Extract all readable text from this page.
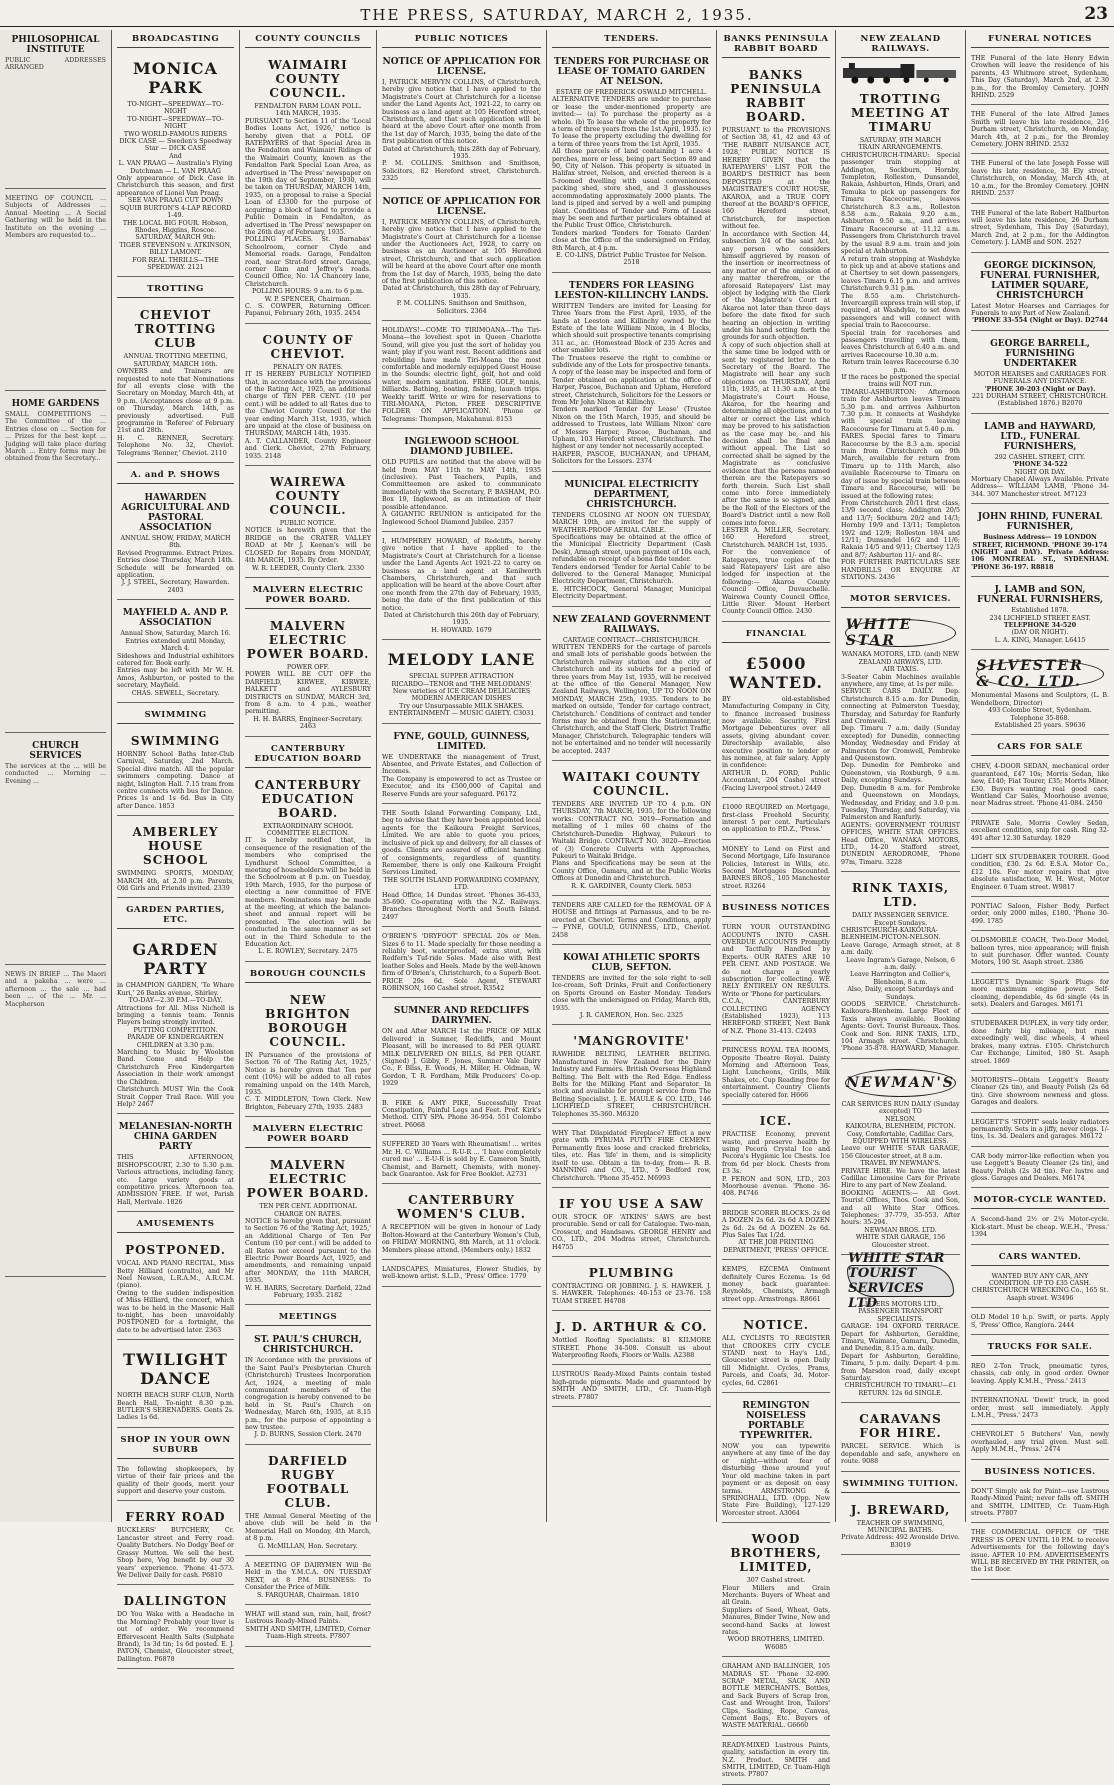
THE PRESS, SATURDAY, MARCH 2, 1935.	23
PHILOSOPHICAL INSTITUTE

PUBLIC ADDRESSES ARRANGED

MEETING OF COUNCIL ... Subjects of Addresses ... Annual Meeting ... A Social Gathering will be held in the Institute on the evening ... Members are requested to...

HOME GARDENS

SMALL COMPETITIONS ... The Committee of the ... Entries close on ... Section for ... Prizes for the best kept ... Judging will take place during March ... Entry forms may be obtained from the Secretary...

CHURCH SERVICES

The services at the ... will be conducted ... Morning ... Evening ...

NEWS IN BRIEF ... The Maori and a pakeha ... were ... afternoon ... the sale ... had been ... of the ... Mr. ... Macpherson

BROADCASTING
MONICA PARK

TO-NIGHT—SPEEDWAY—TO-NIGHT

TO-NIGHT—SPEEDWAY—TO-NIGHT

TWO WORLD-FAMOUS RIDERS

DICK CASE — Sweden's Speedway Star — DICK CASE

And

L. VAN PRAAG — Australia's Flying Dutchman — L. VAN PRAAG

Only appearance of Dick Case in Christchurch this season, and first appearance of Lionel Van Praag.

SEE VAN PRAAG CUT DOWN SQUIB BURTON'S 4-LAP RECORD 1-49.

THE LOCAL BIG FOUR. Hobson, Rhodes, Higgins, Roscoe.

SATURDAY, MARCH 9th:

TIGER STEVENSON v. ATKINSON, BILLY LAMONT.

FOR REAL THRILLS—THE SPEEDWAY. 2121

TROTTING
CHEVIOT TROTTING CLUB

ANNUAL TROTTING MEETING, SATURDAY, MARCH 16th.

OWNERS and Trainers are requested to note that Nominations for all events close with the Secretary on Monday, March 4th, at 9 p.m. (Acceptances close at 9 p.m. on Thursday, March 14th, as previously advertised. Full programme in 'Referee' of February 21st and 28th.

H. C. RENNER, Secretary. Telephone No. 32, Cheviot. Telegrams 'Renner,' Cheviot. 2110

A. and P. SHOWS
HAWARDEN AGRICULTURAL AND PASTORAL ASSOCIATION

ANNUAL SHOW, FRIDAY, MARCH 8th.

Revised Programme. Extract Prizes. Entries close Thursday, March 14th. Schedule will be forwarded on application.

J. J. STEEL, Secretary, Hawarden. 2403

MAYFIELD A. AND P. ASSOCIATION

Annual Show, Saturday, March 16.

Entries extended until Monday, March 4.

Sideshows and Industrial exhibitors catered for. Book early.

Entries may be left with Mr W. H. Amos, Ashburton, or posted to the secretary, Mayfield.

CHAS. SEWELL, Secretary.

SWIMMING
SWIMMING

HORNBY School Baths Inter-Club Carnival, Saturday, 2nd March. Special dive match. All the popular swimmers competing. Dance at night, Islington Hall. 7.15 tram from centre connects with bus for Dance. Prices 1s and 1s 6d. Bus in City after Dance. 1853

AMBERLEY HOUSE SCHOOL

SWIMMING SPORTS, MONDAY, MARCH 4th, at 2.30 p.m. Parents, Old Girls and Friends invited. 2339

GARDEN PARTIES, ETC.
GARDEN PARTY

in CHAMPION GARDEN, 'Te Whare Kuri,' 26 Banks avenue, Shirley.

TO-DAY—2.30 P.M.—TO-DAY.

Attractions for All. Miss Nicholl is bringing a tennis team. Tennis Players being strongly invited.

PUTTING COMPETITION.

PARADE OF KINDERGARTEN CHILDREN at 3.30 p.m.

Marching to Music by Woolston Band. Come and Help the Christchurch Free Kindergarten Association in their work amongst the Children.

Christchurch MUST Win the Cook Strait Copper Trail Race. Will you Help? 2467

MELANESIAN-NORTH CHINA GARDEN PARTY

THIS AFTERNOON, BISHOPSCOURT, 2.30 to 5.30 p.m. Various attractions, including fancy, etc. Large variety goods at competitive prices. Afternoon tea. ADMISSION FREE. If wet, Parish Hall, Merivale. 1826

AMUSEMENTS
POSTPONED.

VOCAL AND PIANO RECITAL, Miss Betty Hilliard (contralto), and Mr Noel Newson, L.R.A.M., A.R.C.M. (piano).

Owing to the sudden indisposition of Miss Hilliard, the concert, which was to be held in the Masonic Hall to-night, has been unavoidably POSTPONED for a fortnight, the date to be advertised later. 2363

TWILIGHT DANCE

NORTH BEACH SURF CLUB, North Beach Hall, To-night 8.30 p.m. BUTLER'S SERENADERS. Gents 2s. Ladies 1s 6d.

SHOP IN YOUR OWN SUBURB

The following shopkeepers, by virtue of their fair prices and the quality of their goods, merit your support and deserve your custom.

FERRY ROAD

BUCKLERS' BUTCHERY, Cr. Lancaster street and Ferry road. Quality Butchers. No Dodgy Beef or Grassy Mutton. We sell the best. Shop here, Vog benefit by our 30 years' experience. 'Phone 41-573. We Deliver Daily for cash. P6810

DALLINGTON

DO You Wake with a Headache in the Morning? Probably your liver is out of order. We recommend Effervescent Health Salts (Sulphate Brand), 1s 3d tin; 1s 6d posted. E. J. PATON, Chemist, Gloucester street, Dallington. P6878

COUNTY COUNCILS
WAIMAIRI COUNTY COUNCIL.

FENDALTON FARM LOAN POLL.

14th MARCH, 1935.

PURSUANT to Section 11 of the 'Local Bodies Loans Act, 1926,' notice is hereby given that a POLL OF RATEPAYERS of that Special Area in the Fendalton and Waimairi Ridings of the Waimairi County, known as the Fendalton Park Special Loan Area, as advertised in 'The Press' newspaper on the 19th day of September, 1930, will be taken on THURSDAY, MARCH 14th, 1935, on a proposal to raise a Special Loan of £3300 for the purpose of acquiring a block of land to provide a Public Domain in Fendalton, as advertised in 'The Press' newspaper on the 26th day of February, 1935.

POLLING PLACES. St. Barnabas' Schoolroom, corner Clyde and Memorial roads. Garage, Fendalton road, near Strat-ford street. Garage, corner Ilam and Jeffrey's roads. Council Office, No. 1A Chancery lane, Christchurch.

POLLING HOURS: 9 a.m. to 6 p.m.

W. P. SPENCER, Chairman.

C. S. COWPER, Returning Officer. Papanui, February 26th, 1935. 2454

COUNTY OF CHEVIOT.

PENALTY ON RATES.

IT IS HEREBY PUBLICLY NOTIFIED that, in accordance with the provisions of the Rating Act, 1925, an additional charge of TEN PER CENT. (10 per cent.) will be added to all Rates due to the Cheviot County Council for the year ending March 31st, 1935, which are unpaid at the close of business on THURSDAY, MARCH 14th, 1935.

A. T. CALLANDER, County Engineer and Clerk. Cheviot, 27th February, 1935. 2148

WAIREWA COUNTY COUNCIL.

PUBLIC NOTICE.

NOTICE is herewith given that the BRIDGE on the CRATER VALLEY ROAD at Mr J. Keenan's will be CLOSED for Repairs from MONDAY, 4th MARCH, 1935. By Order.

W. R. LEEDER, County Clerk. 2330

MALVERN ELECTRIC POWER BOARD.
MALVERN ELECTRIC POWER BOARD.

POWER OFF.

POWER WILL BE CUT OFF the DARFIELD, KIRWEE, KIRWEE, HALKETT and AYLESBURY DISTRICTS on SUNDAY, MARCH 3rd, from 8 a.m. to 4 p.m., weather permitting.

H. H. BARRS, Engineer-Secretary. 2463

CANTERBURY EDUCATION BOARD
CANTERBURY EDUCATION BOARD.

EXTRAORDINARY SCHOOL COMMITTEE ELECTION.

IT is hereby notified that, in consequence of the resignation of the members who comprised the Lyndhurst School Committee, a meeting of householders will be held in the Schoolroom at 8 p.m. on Tuesday, 19th March, 1935, for the purpose of electing a new committee of FIVE members. Nominations may be made at the meeting, at which the balance-sheet and annual report will be presented. The election will be conducted in the same manner as set out in the Third Schedule to the Education Act.

L. E. ROWLEY, Secretary. 2475

BOROUGH COUNCILS
NEW BRIGHTON BOROUGH COUNCIL.

IN Pursuance of the provisions of Section 76 of 'The Rating Act, 1925,' Notice is hereby given that Ten per cent (10%) will be added to all rates remaining unpaid on the 14th March, 1935.

C. T. MIDDLETON, Town Clerk. New Brighton, February 27th, 1935. 2483

MALVERN ELECTRIC POWER BOARD
MALVERN ELECTRIC POWER BOARD.

TEN PER CENT. ADDITIONAL CHARGE ON RATES.

NOTICE is hereby given that, pursuant to Section 76 of the 'Rating Act, 1925,' an Additional Charge of Ten Per Centum (10 per cent.) will be added to all Rates not exceed pursuant to the Electric Power Boards Act, 1925, and amendments, and remaining unpaid after MONDAY, the 11th MARCH, 1935.

W. H. BARRS, Secretary. Darfield, 22nd February, 1935. 2182

MEETINGS
ST. PAUL'S CHURCH, CHRISTCHURCH.

IN Accordance with the provisions of the Saint Paul's Presbyterian Church (Christchurch) Trustees Incorporation Act, 1924, a meeting of male communicant members of the congregation is hereby convened to be held in St. Paul's Church on Wednesday, March 6th, 1935, at 8.15 p.m., for the purpose of appointing a new trustee.

J. D. BURNS, Session Clerk. 2470

DARFIELD RUGBY FOOTBALL CLUB.

THE Annual General Meeting of the above club will be held in the Memorial Hall on Monday, 4th March, at 8 p.m.

G. McMILLAN, Hon. Secretary.

A MEETING OF DAIRYMEN Will Be Held in the Y.M.C.A. ON TUESDAY NEXT, at 8 P.M. BUSINESS: To Consider the Price of Milk.

S. FARQUHAR, Chairman. 1810

WHAT will stand sun, rain, hail, frost? Lustrous Ready-Mixed Paints.

SMITH AND SMITH, LIMITED, Corner Tuam-High streets. P7807

PUBLIC NOTICES
NOTICE OF APPLICATION FOR LICENSE.

I, PATRICK MERVYN COLLINS, of Christchurch, hereby give notice that I have applied to the Magistrate's Court at Christchurch for a license under the Land Agents Act, 1921-22, to carry on business as a land agent at 105 Hereford street, Christchurch, and that such application will be heard at the above Court after one month from the 1st day of March, 1935, being the date of the first publication of this notice.

Dated at Christchurch, this 28th day of February, 1935.

P. M. COLLINS. Smithson and Smithson, Solicitors, 82 Hereford street, Christchurch. 2325

NOTICE OF APPLICATION FOR LICENSE.

I, PATRICK MERVYN COLLINS, of Christchurch, hereby give notice that I have applied to the Magistrate's Court at Christchurch for a license under the Auctioneers Act, 1928, to carry on business as an Auctioneer at 105 Hereford street, Christchurch, and that such application will be heard at the above Court after one month from the 1st day of March, 1935, being the date of the first publication of this notice.

Dated at Christchurch, this 28th day of February, 1935.

P. M. COLLINS. Smithson and Smithson, Solicitors. 2364

HOLIDAYS!—COME TO TIRIMOANA—The Tiri-Moana—the loveliest spot in Queen Charlotte Sound, will give you just the sort of holiday you want; play if you want rest. Recent additions and rebuilding have made Tiri-Moana the most comfortable and modernly equipped Guest House in the Sounds: electric light, golf, hot and cold water, modern sanitation. FREE GOLF, tennis, billiards. Bathing, boating, fishing, launch trips. Weekly tariff. Write or wire for reservations to TIRI-MOANA, Picton. FREE DESCRIPTIVE FOLDER ON APPLICATION. 'Phone or Telegrams: Thompson, Makahanui. 8153

INGLEWOOD SCHOOL DIAMOND JUBILEE.

OLD PUPILS are notified that the above will be held from MAY 11th to MAY 14th, 1935 (inclusive). Past Teachers, Pupils, and Committeemen are asked to communicate immediately with the Secretary, P. BASHAM, P.O. Box 19, Inglewood, as an intimation of their possible attendance.

A GIGANTIC REUNION is anticipated for the Inglewood School Diamond Jubilee. 2357

I, HUMPHREY HOWARD, of Redcliffs, hereby give notice that I have applied to the Magistrate's Court at Christchurch for a license under the Land Agents Act 1921-22 to carry on business as a land agent at Kenilworth Chambers, Christchurch, and that such application will be heard at the above Court after one month from the 27th day of February, 1935, being the date of the first publication of this notice.

Dated at Christchurch this 26th day of February, 1935.

H. HOWARD. 1679

MELODY LANE

SPECIAL SUPPER ATTRACTION

RICARDO—TENOR and 'THE MELODIANS'

New varieties of ICE CREAM DELICACIES

MODERN AMERICAN DISHES

Try our Unsurpassable MILK SHAKES.

ENTERTAINMENT — MUSIC GAIETY. C3031

FYNE, GOULD, GUINNESS, LIMITED.

WE UNDERTAKE the management of Trust, Absentee, and Private Estates, and Collection of Incomes.

The Company is empowered to act as Trustee or Executor, and its £500,000 of Capital and Reserve Funds are your safeguard. P6172

THE South Island Forwarding Company, Ltd., beg to advise that they have been appointed local agents for the Kaikoura Freight Services, Limited. We are able to quote you prices, inclusive of pick up and delivery, for all classes of goods. Clients are assured of efficient handling of consignments, regardless of quantity. Remember, there is only one Kaikoura Freight Services Limited.

THE SOUTH ISLAND FORWARDING COMPANY, LTD.

Head Office, 14 Dundas street. 'Phones 36-433, 35-690. Co-operating with the N.Z. Railways. Branches throughout North and South Island. 2497

O'BRIEN'S 'DRYFOOT' SPECIAL 20s or Men. Sizes 6 to 11. Made specially for those needing a reliably boot, waterproofed, extra stout, with Redfern's Tuf-ride Soles. Made also with Best leather Soles and Heels. Made by the well-known firm of O'Brien's, Christchurch, to a Superb Boot. PRICE 29s 6d. Sole Agent, STEWART ROBINSON, 160 Cashel street. R3542

SUMNER AND REDCLIFFS DAIRYMEN.

ON and After MARCH 1st the PRICE OF MILK delivered in Sumner, Redcliffs, and Mount Pleasant, will be increased to 8d PER QUART. MILK DELIVERED ON BILLS, 8d PER QUART. (Signed) J. Gibby, F. Jones, Sumner Vale Dairy Co., F. Bliss, E. Woods, H. Miller, H. Oldman, W. Gordon, T. R. Fordham, Milk Producers' Co-op. 1929

B. FIKE & AMY PIKE, Successfully Treat Constipation, Painful Legs and Feet. Prof. Kirk's Method. CITY SPA. Phone 36-954. 551 Colombo street. P6068

SUFFERED 30 Years with Rheumatism! ... writes Mr. H. C. Williams ... R-U-R ... 'I have completely cured me' ... E-U-R is sold by E. Cameron Smith, Chemist, and Barnett, Chemists, with money-back Guarantee. Ask for Free Booklet. A2731

CANTERBURY WOMEN'S CLUB.

A RECEPTION will be given in honour of Lady Bolton-Howard at the Canterbury Women's Club, on FRIDAY MORNING, 8th March, at 11 o'clock. Members please attend. (Members only.) 1832

LANDSCAPES, Miniatures, Flower Studies, by well-known artist. S.L.D., 'Press' Office. 1779

TENDERS.
TENDERS FOR PURCHASE OR LEASE OF TOMATO GARDEN AT NELSON.

ESTATE OF FREDERICK OSWALD MITCHELL.

ALTERNATIVE TENDERS are under to purchase or lease the under-mentioned property are invited:— (a) To purchase the property as a whole. (b) To lease the whole of the property for a term of three years from the 1st April, 1935. (c) To lease the property excluding the dwelling for a term of three years from the 1st April, 1935.

All those parcels of land containing 1 acre 4 perches, more or less, being part Section 89 and 90, City of Nelson. This property is situated in Halifax street, Nelson, and erected thereon is a 5-roomed dwelling with usual conveniences, packing shed, store shed, and 3 glasshouses accommodating approximately 2000 plants. The land is piped and served by a well and pumping plant. Conditions of Tender and Form of Lease may be seen and further particulars obtained at the Public Trust Office, Christchurch.

Tenders marked 'Tenders for Tomato Garden' close at the Office of the undersigned on Friday, 8th March, at 4 p.m.

E. CO-LINS, District Public Trustee for Nelson. 2518

TENDERS FOR LEASING LEESTON-KILLINCHY LANDS.

WRITTEN Tenders are invited for Leasing for Three Years from the First April, 1935, of the lands at Leeston and Killinchy owned by the Estate of the late William Nixon, in 4 Blocks, which should suit prospective tenants comprising 311 ac., ac. (Homestead Block of 235 Acres and other smaller lots.

The Trustees reserve the right to combine or subdivide any of the Lots for prospective tenants.

A copy of the lease may be inspected and form of Tender obtained on application at the office of Harper, Pascoe, Buchanan and Upham, Hereford street, Christchurch, Solicitors for the Lessors or from Mr John Nixon at Killinchy.

Tenders marked 'Tender for Lease' (Trustee Nixon on the 15th March, 1935, and should be addressed to Trustees, late William Nixon' care of Messrs Harper, Pascoe, Buchanan, and Upham, 103 Hereford street, Christchurch. The highest or any tender not necessarily accepted.

HARPER, PASCOE, BUCHANAN, and UPHAM, Solicitors for the Lessors. 2374

MUNICIPAL ELECTRICITY DEPARTMENT, CHRISTCHURCH.

TENDERS CLOSING AT NOON ON TUESDAY, MARCH 19th, are invited for the supply of WEATHER-PROOF AERIAL CABLE.

Specifications may be obtained at the office of the Municipal Electricity Department (Cash Desk), Armagh street, upon payment of 10s each, refundable on receipt of a bona fide tender.

Tenders endorsed 'Tender for Aerial Cable' to be delivered to the General Manager, Municipal Electricity Department, Christchurch.

E. HITCHCOCK, General Manager, Municipal Electricity Department.

NEW ZEALAND GOVERNMENT RAILWAYS.

CARTAGE CONTRACT—CHRISTCHURCH.

WRITTEN TENDERS for the cartage of parcels and small lots of perishable goods between the Christchurch railway station and the city of Christchurch and its suburbs for a period of three years from May 1st, 1935, will be received at the office of the General Manager, New Zealand Railways, Wellington, UP TO NOON ON MONDAY, MARCH 25th, 1935. Tenders to be marked on outside, 'Tender for cartage contract, Christchurch.' Conditions of contract and tender forms may be obtained from the Stationmaster, Christchurch, and the Staff Clerk, District Traffic Manager, Christchurch. Telegraphic tenders will not be entertained and no tender will necessarily be accepted. 2437

WAITAKI COUNTY COUNCIL.

TENDERS ARE INVITED UP TO 4 p.m. ON THURSDAY, 7th MARCH, 1935, for the following works: CONTRACT NO. 3019—Formation and metalling of 1 miles 60 chains of the Christchurch-Dunedin Highway, Pukeuri to Waitaki Bridge. CONTRACT NO. 3020—Erection of (3) Concrete Culverts with Approaches, Pukeuri to Waitaki Bridge.

Plans and Specifications may be seen at the County Office, Oamaru, and at the Public Works Offices at Dunedin and Christchurch.

R. K. GARDINER, County Clerk. 5853

TENDERS ARE CALLED for the REMOVAL OF A HOUSE and fittings at Parnassus, and to be re-erected at Cheviot. Terms and Conditions, apply— FYNE, GOULD, GUINNESS, LTD., Cheviot. 2458

KOWAI ATHLETIC SPORTS CLUB, SEFTON.

TENDERS are invited for the sole right to sell Ice-cream, Soft Drinks, Fruit and Confectionery on Sports Ground on Easter Monday. Tenders close with the undersigned on Friday, March 8th, 1935.

J. R. CAMERON, Hon. Sec. 2325

'MANGROVITE'

RAWHIDE BELTING, LEATHER BELTING. Manufactured in New Zealand for the Dairy Industry and Farmers. British Overseas Highland Belting. The Belt with the Red Edge. Endless Belts for the Milking Plant and Separator. In stock and available for prompt service from The Belting Specialist. J. E. MAULE & CO. LTD., 146 LICHFIELD STREET, CHRISTCHURCH. Telephones 35-360. M6320

WHY That Dilapidated Fireplace? Effect a new grate with PYRUMA PUTTY FIRE CEMENT. Permanently fixes loose and cracked firebricks, tiles, etc. Has 'life' in them, and is simplicity itself to use. Obtain a tin to-day, from— R. B. MANNING and CO., LTD., 5 Bedford row, Christchurch. 'Phone 35-452. M6993

IF YOU USE A SAW

OUR STOCK OF 'ATKINS' SAWS are best procurable. Send or call for Catalogue. Two-man, Crosscut, and Handsaws. GEORGE HENRY and CO., LTD., 204 Madras street, Christchurch. H4755

PLUMBING

CONTRACTING OR JOBBING. J. S. HAWKER. J. S. HAWKER. Telephones: 40-153 or 23-76. 158 TUAM STREET. H4708

J. D. ARTHUR & CO.

Mottled Roofing Specialists. 81 KILMORE STREET. Phone 34-508. Consult us about Waterproofing Roofs, Floors or Walls. A2388

LUSTROUS Ready-Mixed Paints contain tested high-grade pigments. Made and guaranteed by SMITH AND SMITH, LTD., Cr. Tuam-High streets. P7807

BANKS PENINSULA RABBIT BOARD
BANKS PENINSULA RABBIT BOARD.

PURSUANT to the PROVISIONS of Section 38, 41, 42 and 43 of 'THE RABBIT NUISANCE ACT, 1928,' PUBLIC NOTICE IS HEREBY GIVEN that the RATEPAYERS' LIST FOR the BOARD'S DISTRICT has been DEPOSITED at the MAGISTRATE'S COURT HOUSE, AKAROA, and a TRUE COPY thereof at the BOARD'S OFFICE, 160 Hereford street, Christchurch, for inspection without fee.

In accordance with Section 44, subsection 3/4 of the said Act, any person who considers himself aggrieved by reason of the insertion or incorrectness of any matter or of the omission of any matter therefrom, or the aforesaid Ratepayers' List may object by lodging with the Clerk of the Magistrate's Court at Akaroa not later than three days before the date fixed for such hearing an objection in writing under his hand setting forth the grounds for such objection.

A copy of such objection shall at the same time be lodged with or sent by registered letter to the Secretary of the Board. The Magistrate will hear any such objections on THURSDAY, April 11th, 1935, at 11.30 a.m. at the Magistrate's Court House, Akaroa, for the hearing and determining all objections, and to alter or correct the List which may be proved to his satisfaction as the case may be, and his decision shall be final and without appeal. The List so corrected shall be signed by the Magistrate as conclusive evidence that the persons named therein are the Ratepayers so forth therein. Such List shall come into force immediately after the same is so signed, and be the Roll of the Electors of the Board's District until a new Roll comes into force.

LESTER A. MILLER, Secretary. 160 Hereford street, Christchurch. MARCH 1st, 1935.

For the convenience of Ratepayers, true copies of the said Ratepayers' List are also lodged for inspection at the following:— Akaroa County Council Office, Duvauchelle. Wairewa County Council Office, Little River. Mount Herbert County Council Office. 2430

FINANCIAL
£5000 WANTED.

BY old-established Manufacturing Company in City, to finance increased business now available. Security, First Mortgage Debentures over all assets, giving abundant cover. Directorship available, also executive position to lender or his nominee, at fair salary. Apply in confidence:

ARTHUR D. FORD, Public Accountant, 204 Cashel street (Facing Liverpool street.) 2449

£1000 REQUIRED on Mortgage, first-class Freehold Security, interest 5 per cent. Particulars on application to P.D.Z., 'Press.'

MONEY to Lend on First and Second Mortgage, Life Insurance Policies, Interest in Wills, etc. Second Mortgages Discounted. BARNES BROS., 105 Manchester street. R3264

BUSINESS NOTICES

TURN YOUR OUTSTANDING ACCOUNTS INTO CASH. OVERDUE ACCOUNTS Promptly and Tactfully Handled by Experts. OUR RATES ARE 10 PER CENT. AND POSTAGE. We do not charge a yearly subscription for collecting. WE RELY ENTIRELY ON RESULTS. Write or 'Phone for particulars.

C.C.A., CANTERBURY COLLECTING AGENCY (Established 1923), 113 HEREFORD STREET, Next Bank of N.Z. 'Phone 31-413. C2493

PRINCESS ROYAL TEA ROOMS, Opposite Theatre Royal. Dainty Morning and Afternoon Teas, Light Luncheons, Grills, Milk Shakes, etc. Cup Reading free for entertainment. Country Clients specially catered for. H666

ICE.

PRACTISE Economy, prevent waste, and preserve health by using Pecora Crystal Ice and Pecora's Hygienic Ice Chests. Ice from 6d per block. Chests from £3 3s.

P. FERON and SON, LTD., 203 Moorhouse avenue. 'Phone 36-408. P4746

BRIDGE SCORER BLOCKS. 2s 6d A DOZEN 2s 6d. 2s 6d A DOZEN 2s 6d. 2s 6d A DOZEN 2s 6d. Plus Sales Tax 1/2d.

AT THE JOB PRINTING DEPARTMENT, 'PRESS' OFFICE.

KEMPS, EZCEMA Ointment definitely Cures Eczema. 1s 6d money back guarantee. Reynolds, Chemists, Armagh street opp. Armstrongs. R8661

NOTICE.

ALL CYCLISTS TO REGISTER that CROOKES CITY CYCLE STAND next to Hay's Ltd., Gloucester street is open Daily till Midnight. Cycles, Prams, Parcels, and Coats, 3d. Motor-cycles, 6d. C2861

REMINGTON NOISELESS PORTABLE TYPEWRITER.

NOW you can typewrite anywhere at any time of the day or night—without fear of disturbing those around you! Your old machine taken in part payment or as deposit on easy terms. ARMSTRONG & SPRINGHALL, LTD. (Opp. New State Fire Building), 127-129 Worcester street. A3064

WOOD BROTHERS, LIMITED,

307 Cashel street.

Flour Millers and Grain Merchants. Buyers of Wheat and all Grain.

Suppliers of Seed, Wheat, Oats, Manures, Binder Twine, New and second-hand Sacks at lowest rates.

WOOD BROTHERS, LIMITED. W6085

GRAHAM AND BALLINGER, 105 MADRAS ST. 'Phone 32-690. SCRAP METAL, SACK AND BOTTLE MERCHANTS. Bottles, and Sack Buyers of Scrap Iron, Cast and Wrought Iron, Tailors' Clips, Sacking, Rope, Canvas, Cement Bags, Etc. Buyers of WASTE MATERIAL. G6660

READY-MIXED Lustrous Paints, quality, satisfaction in every tin. N.Z. Product. SMITH and SMITH, LIMITED, Cr. Tuam-High streets. P7807

NEW ZEALAND RAILWAYS.
TROTTING MEETING AT TIMARU

SATURDAY, 9TH MARCH

TRAIN ARRANGEMENTS.

CHRISTCHURCH-TIMARU: Special passenger train stopping at Addington, Sockburn, Hornby, Templeton, Rolleston, Dunsandel, Rakaia, Ashburton, Hinds, Orari, and Temuka to pick up passengers for Timaru Racecourse, leaves Christchurch 8.3 a.m., Rolleston 8.58 a.m., Rakaia 9.20 a.m., Ashburton 9.50 a.m., and arrives Timaru Racecourse at 11.12 a.m. Passengers from Christchurch travel by the usual 8.9 a.m. train and join special at Ashburton.

A return train stopping at Washdyke to pick up and at above stations and at Chertsey to set down passengers, leaves Timaru 6.15 p.m. and arrives Christchurch 9.31 p.m.

The 8.55 a.m. Christchurch-Invercargill express train will stop, if required, at Washdyke, to set down passengers and will connect with special train to Racecourse.

Special train for racehorses and passengers travelling with them, leaves Christchurch at 6.40 a.m. and arrives Racecourse 10.30 a.m.

Return train leaves Racecourse 6.30 p.m.

If the races be postponed the special trains will NOT run.

TIMARU-ASHBURTON: Afternoon train for Ashburton leaves Timaru 5.30 p.m. and arrives Ashburton 7.30 p.m. It connects at Washdyke with special train leaving Racecourse for Timaru at 5.40 p.m.

FARES. Special fares to Timaru Racecourse by the 8.3 a.m. special train from Christchurch on 9th March, available for return from Timaru up to 11th March, also available Racecourse to Timaru on day of issue by special train between Timaru and Racecourse, will be issued at the following rates:

From Christchurch 20/11 first class, 13/9 second class; Addington 20/5 and 13/7; Sockburn 20/2 and 14/3; Hornby 19/9 and 13/11; Templeton 19/2 and 12/9; Rolleston 18/4 and 12/11; Dunsandel 16/2 and 11/6; Rakaia 14/5 and 9/11; Chertsey 12/3 and 8/7; Ashburton 11/- and 8/-.

FOR FURTHER PARTICULARS SEE HANDBILLS OR ENQUIRE AT STATIONS. 2436

MOTOR SERVICES.
WHITE STAR

WANAKA MOTORS, LTD. (and) NEW ZEALAND AIRWAYS, LTD.

AIR TAXIS.

3-Seater Cabin Machines available anywhere, any time, at 1s per mile.

SERVICE CARS DAILY. Dep. Christchurch 8.15 a.m. for Dunedin, connecting at Palmerston Tuesday, Thursday, and Saturday for Ranfurly and Cromwell.

Dep. Timaru 7 a.m. daily (Sunday excepted) for Dunedin, connecting Monday, Wednesday and Friday at Palmerston for Cromwell, Pembroke and Queenstown.

Dep. Dunedin for Pembroke and Queenstown, via Roxburgh, 9 a.m. Daily, excepting Sundays.

Dep. Dunedin 8 a.m. for Pembroke and Queenstown on Mondays, Wednesday, and Friday, and 3.0 p.m. Tuesday, Thursday, and Saturday, via Palmerston and Ranfurly.

AGENTS: GOVERNMENT TOURIST OFFICES, WHITE STAR OFFICES. Head Office, WANAKA MOTORS, LTD., 14-20 Stafford street, DUNEDIN AERODROME, 'Phone 97m, Timaru. 3228

RINK TAXIS, LTD.

DAILY PASSENGER SERVICE. Except Sundays.

CHRISTCHURCH-KAIKOURA-BLENHEIM-PICTON-NELSON. Leave Garage, Armagh street, at 8 a.m. daily.

Leave Ingram's Garage, Nelson, 6 a.m. daily.

Leave Harrington and Collier's, Blenheim, 8 a.m.

Also, Daily, except Saturdays and Sundays.

GOODS SERVICE. Christchurch-Kaikoura-Blenheim. Large Fleet of Taxis always available. Booking Agents: Govt. Tourist Bureaux. Thos. Cook and Son. RINK TAXIS, LTD., 104 Armagh street. Christchurch. 'Phone 35-878. HAYWARD, Manager.

NEWMAN'S

CAR SERVICES RUN DAILY (Sunday excepted) TO

NELSON.

KAIKOURA, BLENHEIM, PICTON.

Cosy, Comfortable, Cadillac Cars, EQUIPPED WITH WIRELESS.

Leave our WHITE STAR GARAGE, 156 Gloucester street, at 8 a.m.

TRAVEL BY NEWMAN'S.

PRIVATE HIRE. We have the latest Cadillac Limousine Cars for Private Hire to any part of New Zealand.

BOOKING AGENTS:— All Govt. Tourist Offices, Thos. Cook and Son, and all White Star Offices. Telephones: 37-779, 35-553. After hours: 35-294.

NEWMAN BROS. LTD.

WHITE STAR GARAGE, 156 Gloucester street.

WHITE STAR TOURIST SERVICES LTD

LISTERS MOTORS LTD., PASSENGER TRANSPORT SPECIALISTS.

GARAGE: 194 OXFORD TERRACE. Depart for Ashburton, Geraldine, Timaru, Waimate, Oamaru, Dunedin, and Dunedin, 8.15 a.m. daily.

Depart for Ashburton, Geraldine, Timaru, 5 p.m. daily. Depart 4 p.m. from Marsdon road, daily except Saturday.

CHRISTCHURCH TO TIMARU—£1 RETURN. 12s 6d SINGLE.

CARAVANS FOR HIRE.

PARCEL SERVICE. Which is dependable and safe, anywhere en route. 9088

SWIMMING TUITION.
J. BREWARD,

TEACHER OF SWIMMING, MUNICIPAL BATHS.

Private Address: 492 Avonside Drive. B3019

FUNERAL NOTICES

THE Funeral of the late Henry Edwin Crowhen will leave the residence of his parents, 43 Whitmore street, Sydenham, This Day (Saturday), March 2nd, at 2.30 p.m., for the Bromley Cemetery. JOHN RHIND. 2529

THE Funeral of the late Alfred James Smith will leave his late residence, 216 Durham street, Christchurch, on Monday, March 4th, at 2 p.m., for the Bromley Cemetery. JOHN RHIND. 2532

THE Funeral of the late Joseph Fosse will leave his late residence, 38 Ely street, Christchurch, on Monday, March 4th, at 10 a.m., for the Bromley Cemetery. JOHN RHIND. 2537

THE Funeral of the late Robert Hallburton will leave his late residence, 26 Durham street, Sydenham, This Day (Saturday), March 2nd, at 2 p.m., for the Addington Cemetery. J. LAMB and SON. 2527

GEORGE DICKINSON, FUNERAL FURNISHER, LATIMER SQUARE, CHRISTCHURCH

Latest Motor Hearses and Carriages for Funerals to any Part of New Zealand.

'PHONE 33-554 (Night or Day). D2744

GEORGE BARRELL, FURNISHING UNDERTAKER

MOTOR HEARSES and CARRIAGES FOR FUNERALS ANY DISTANCE.

'PHONE 30-203 (Night or Day).

221 DURHAM STREET, CHRISTCHURCH. (Established 1876.) B2070

LAMB and HAYWARD, LTD., FUNERAL FURNISHERS,

292 CASHEL STREET, CITY.

'PHONE 34-522

NIGHT OR DAY.

Mortuary Chapel Always Available. Private Address— WILLIAM LAMB, 'Phone 34-344. 307 Manchester street. M7123

JOHN RHIND, FUNERAL FURNISHER,

Business Address— 19 LONDON STREET, RICHMOND. 'PHONE 39-174

(NIGHT and DAY). Private Address: 106 MONTREAL ST., SYDENHAM. 'PHONE 36-197. R8818

J. LAMB and SON, FUNERAL FURNISHERS,

Established 1878.

234 LICHFIELD STREET EAST.

TELEPHONE 34-520

(DAY OR NIGHT).

L. A. KING, Manager. L6415

SILVESTER & CO. LTD.

Monumental Masons and Sculptors, (L. B. Wendelborn, Director)

493 Colombo Street, Sydenham. Telephone 35-868.

Established 25 years. S9636

CARS FOR SALE

CHEV, 4-DOOR SEDAN, mechanical order guaranteed, £47 10s; Morris Sedan, like new, £140; Fiat Tourer, £35; Morris Minor, £30. Buyers wanting real good cars. Wentland Car Sales, Moorhouse avenue, near Madras street. 'Phone 41-084. 2450

PRIVATE Sale, Morris Cowley Sedan, excellent condition, snip for cash. Ring 32-491 after 12.30 Saturday. 1829

LIGHT SIX STUDEBAKER TOURER. Good condition, £30. 2s 6d. E.S.A. Motor Co., £12 10s. For motor repairs that give absolute satisfaction, W. H. West, Motor Engineer. 6 Tuam street. W9817

PONTIAC Saloon, Fisher Body, Perfect order, only 2000 miles, £180. 'Phone 30-499. 1785

OLDSMOBILE COACH, Two-Door Model, balloon tyres, nice appearance; will finish to suit purchaser. Offer wanted. County Motors, 190 St. Asaph street. 2386

LEGGETT'S Dynamic Spark Plugs for more maximum engine power. Self-cleaning, dependable, 4s 6d single (4s in sets). Dealers and Garages. M6171

STUDEBAKER DUPLEX, in very tidy order, done fairly big mileage, but runs exceedingly well, disc wheels, 4 wheel brakes, many extras. £105. Christchurch Car Exchange, Limited, 180 St. Asaph street. 1869

MOTORISTS—Obtain Leggett's Beauty Cleaner (2s tin), and Beauty Polish (2s 6d tin). Give showroom newness and gloss. Garages and dealers.

LEGGETT'S 'STOPIT' seals leaky radiators permanently. Sets in a jiffy, never clogs. 1/- tins, 1s. 3d. Dealers and garages. M6172

CAR body mirror-like reflection when you use Leggett's Beauty Cleaner (2s tin), and Beauty Polish (2s 3d tin). For lustre and gloss. Garages and Dealers. M6174

MOTOR-CYCLE WANTED.

A Second-hand 2½ or 2¼ Motor-cycle. Kick-start. Must be cheap. W.E.H., 'Press.' 1394

CARS WANTED.

WANTED BUY ANY CAR, ANY CONDITION. UP TO £35 CASH.

CHRISTCHURCH WRECKING Co., 165 St. Asaph street. W3496

OLD Model 10 h.p. Swift, or parts. Apply S, 'Press' Office, Rangiora. 2444

TRUCKS FOR SALE.

REO 2-Ton Truck, pneumatic tyres, chassis, cab only, in good order. Owner leaving. Apply K.M.H., 'Press.' 2413

INTERNATIONAL 'Dewit' truck, in good order, must sell immediately. Apply L.M.H., 'Press.' 2473

CHEVROLET 5 Butchers' Van, newly overhauled, any trial given. Must sell. Apply M.M.H., 'Press.' 2474

BUSINESS NOTICES.

DON'T Simply ask for Paint—use Lustrous Ready-Mixed Paint; never falls off. SMITH and SMITH, LIMITED, Cr. Tuam-High streets. P7807

THE COMMERCIAL OFFICE OF 'THE PRESS' IS OPEN UNTIL 10 P.M. to receive Advertisements for the following day's issue. AFTER 10 P.M. ADVERTISEMENTS WILL BE RECEIVED BY THE PRINTER, on the 1st floor.
